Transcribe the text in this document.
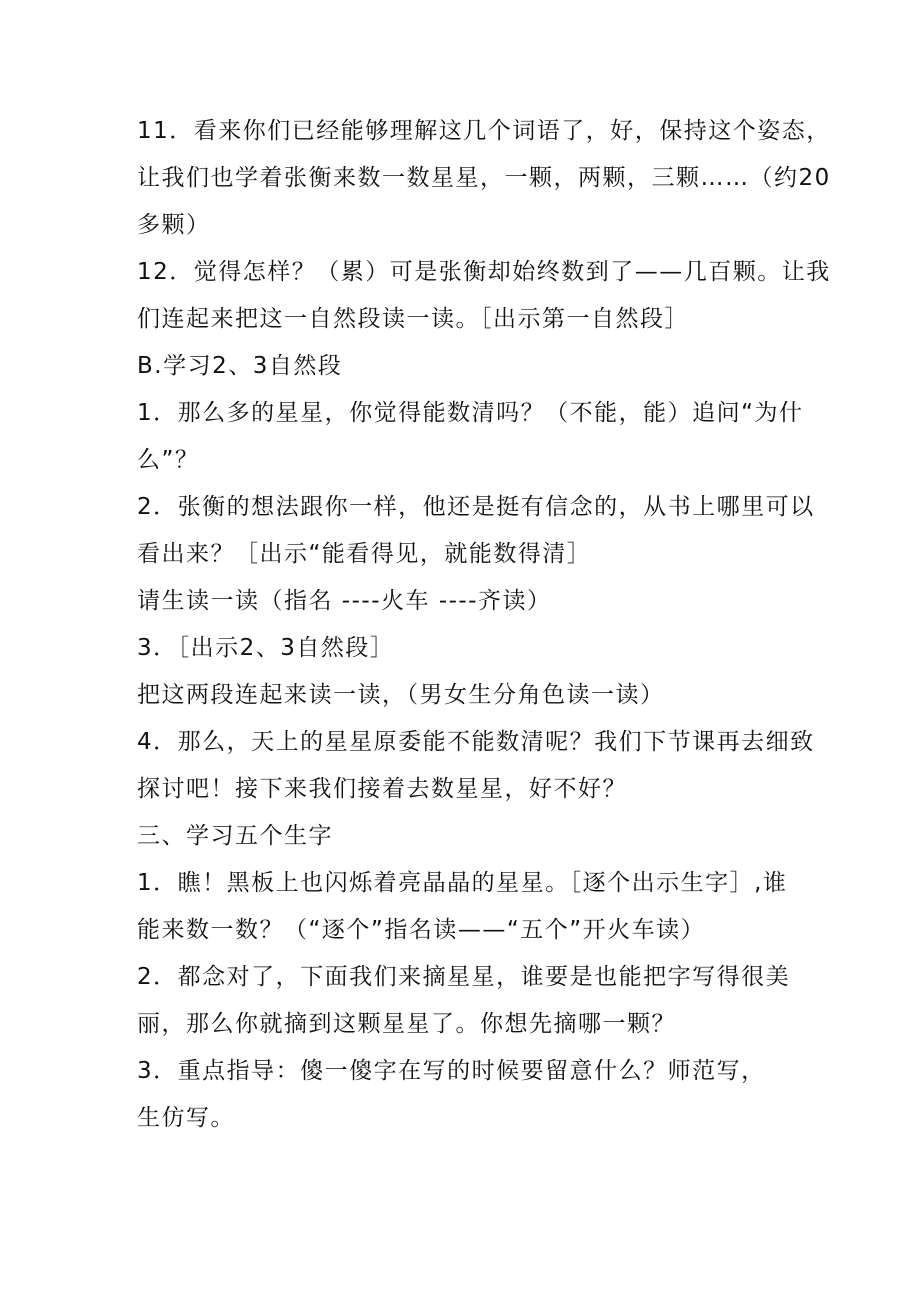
11．看来你们已经能够理解这几个词语了，好，保持这个姿态，
让我们也学着张衡来数一数星星，一颗，两颗，三颗……（约20
多颗）
12．觉得怎样？（累）可是张衡却始终数到了——几百颗。让我
们连起来把这一自然段读一读。［出示第一自然段］
B.学习2、3自然段
1．那么多的星星，你觉得能数清吗？（不能，能）追问“为什
么”？
2．张衡的想法跟你一样，他还是挺有信念的，从书上哪里可以
看出来？［出示“能看得见，就能数得清］
请生读一读（指名 ----火车 ----齐读）
3．［出示2、3自然段］
把这两段连起来读一读，（男女生分角色读一读）
4．那么，天上的星星原委能不能数清呢？我们下节课再去细致
探讨吧！接下来我们接着去数星星，好不好？
三、学习五个生字
1．瞧！黑板上也闪烁着亮晶晶的星星。［逐个出示生字］,谁
能来数一数？（“逐个”指名读——“五个”开火车读）
2．都念对了，下面我们来摘星星，谁要是也能把字写得很美
丽，那么你就摘到这颗星星了。你想先摘哪一颗？
3．重点指导：傻一傻字在写的时候要留意什么？师范写，
生仿写。
